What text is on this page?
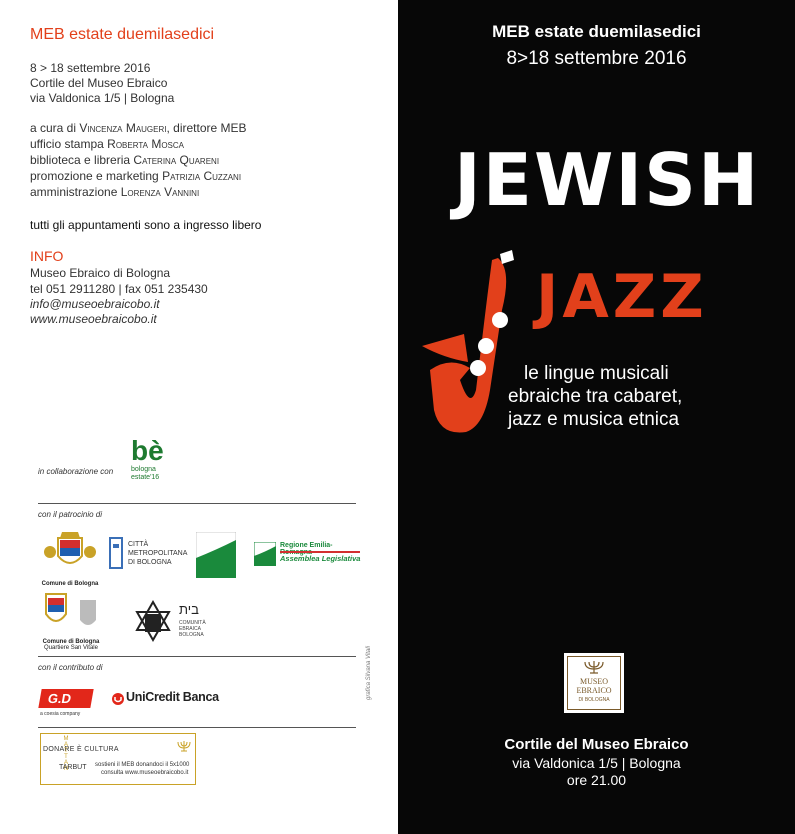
MEB estate duemilasedici
8 > 18 settembre 2016
Cortile del Museo Ebraico
via Valdonica 1/5 | Bologna
a cura di Vincenza Maugeri, direttore MEB
ufficio stampa Roberta Mosca
biblioteca e libreria Caterina Quareni
promozione e marketing Patrizia Cuzzani
amministrazione Lorenza Vannini
tutti gli appuntamenti sono a ingresso libero
INFO
Museo Ebraico di Bologna
tel 051 2911280 | fax 051 235430
info@museoebraicobo.it
www.museoebraicobo.it
in collaborazione con
bè
bologna
estate'16
con il patrocinio di
Comune di Bologna
CITTÀ METROPOLITANA DI BOLOGNA
Regione Emilia-
Assemblea Legislativa
Comune di Bologna
Quartiere San Vitale
בית
COMUNITÀ EBRAICA BOLOGNA
con il contributo di
G.D
a coesia company
UniCredit Banca
DONARE È CULTURA
MATTAN
TARBUT sostieni il MEB donandoci il 5x1000
consulta www.museoebraicobo.it
grafica Silvana Vitali
MEB estate duemilasedici
8>18 settembre 2016
JEWISH
JAZZ
le lingue musicali
ebraiche tra cabaret,
jazz e musica etnica
MUSEO
EBRAICO
DI BOLOGNA
Cortile del Museo Ebraico
via Valdonica 1/5 | Bologna
ore 21.00
